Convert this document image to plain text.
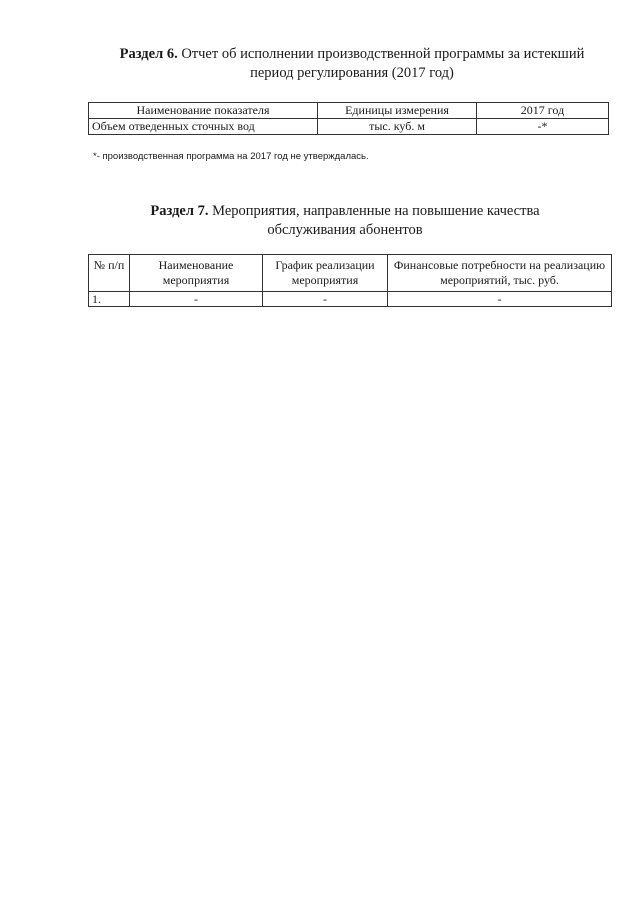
Раздел 6. Отчет об исполнении производственной программы за истекший
период регулирования (2017 год)
Наименование показателя	Единицы измерения	2017 год
Объем отведенных сточных вод	тыс. куб. м	-*
*- производственная программа на 2017 год не утверждалась.
Раздел 7. Мероприятия, направленные на повышение качества
обслуживания абонентов
№ п/п	Наименование мероприятия	График реализации мероприятия	Финансовые потребности на реализацию мероприятий, тыс. руб.
1.	-	-	-
